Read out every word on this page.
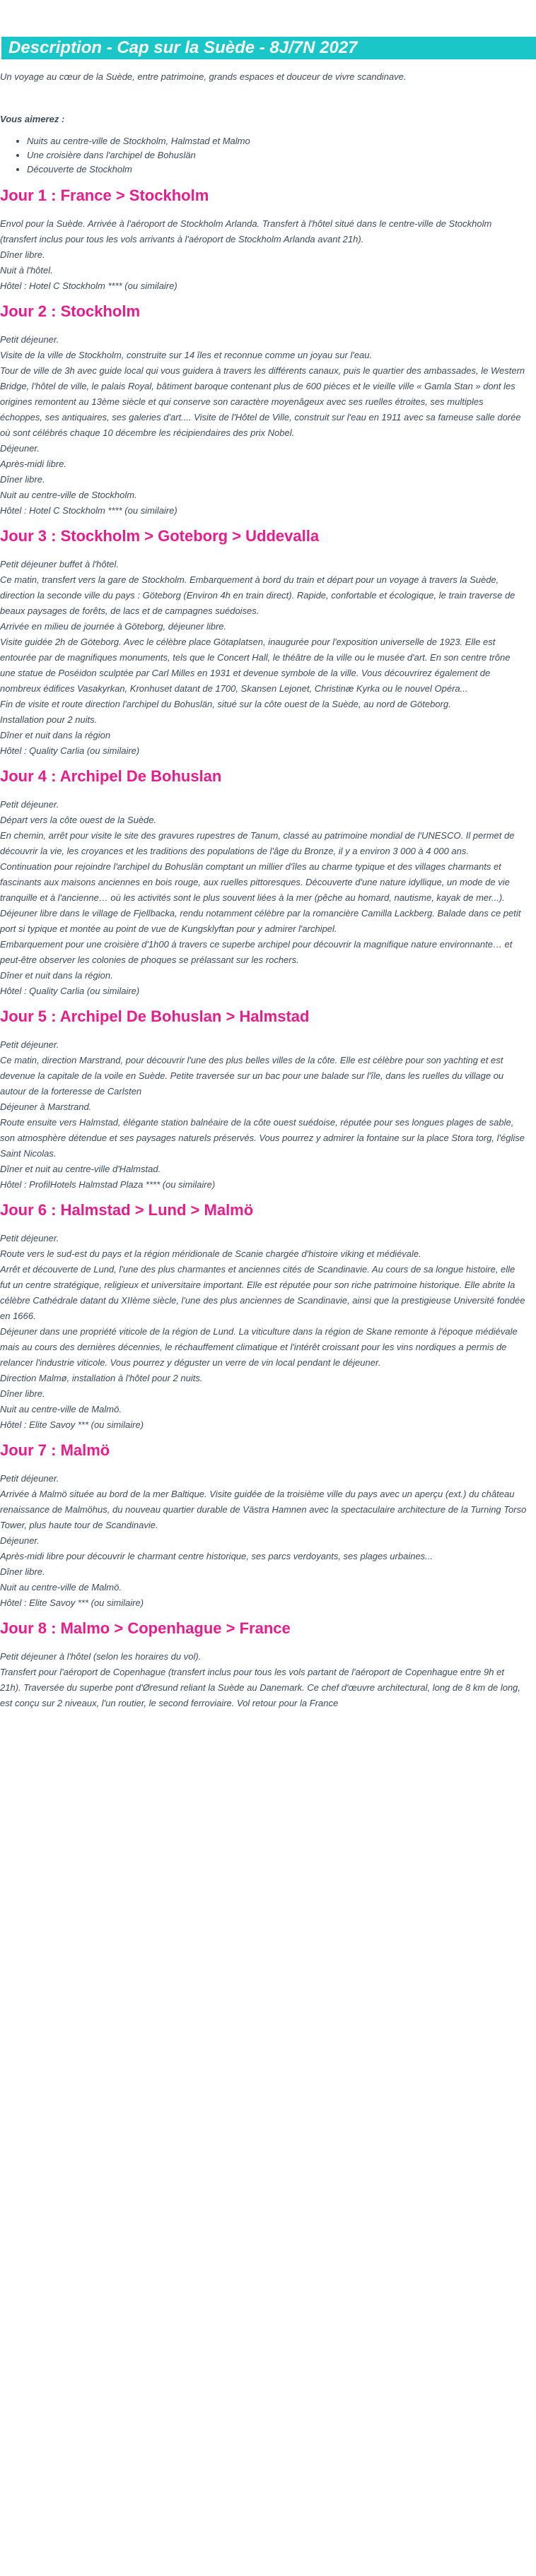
Description - Cap sur la Suède - 8J/7N 2027

Un voyage au cœur de la Suède, entre patrimoine, grands espaces et douceur de vivre scandinave.

Vous aimerez :

• Nuits au centre-ville de Stockholm, Halmstad et Malmo
• Une croisière dans l'archipel de Bohuslän
• Découverte de Stockholm
Jour 1 : France > Stockholm

Envol pour la Suède. Arrivée à l'aéroport de Stockholm Arlanda. Transfert à l'hôtel situé dans le centre-ville de Stockholm (transfert inclus pour tous les vols arrivants à l'aéroport de Stockholm Arlanda avant 21h).

Dîner libre.
Nuit à l'hôtel.
Hôtel : Hotel C Stockholm **** (ou similaire)

Jour 2 : Stockholm

Petit déjeuner.

Visite de la ville de Stockholm, construite sur 14 îles et reconnue comme un joyau sur l'eau.
Tour de ville de 3h avec guide local qui vous guidera à travers les différents canaux, puis le quartier des ambassades, le Western Bridge, l'hôtel de ville, le palais Royal, bâtiment baroque contenant plus de 600 pièces et le vieille ville « Gamla Stan » dont les origines remontent au 13ème siècle et qui conserve son caractère moyenâgeux avec ses ruelles étroites, ses multiples échoppes, ses antiquaires, ses galeries d'art.... Visite de l'Hôtel de Ville, construit sur l'eau en 1911 avec sa fameuse salle dorée où sont célébrés chaque 10 décembre les récipiendaires des prix Nobel.

Déjeuner.
Après-midi libre.

Dîner libre.
Nuit au centre-ville de Stockholm.

Hôtel : Hotel C Stockholm **** (ou similaire)

Jour 3 : Stockholm > Goteborg > Uddevalla

Petit déjeuner buffet à l'hôtel.

Ce matin, transfert vers la gare de Stockholm. Embarquement à bord du train et départ pour un voyage à travers la Suède, direction la seconde ville du pays : Göteborg (Environ 4h en train direct). Rapide, confortable et écologique, le train traverse de beaux paysages de forêts, de lacs et de campagnes suédoises.

Arrivée en milieu de journée à Göteborg, déjeuner libre.

Visite guidée 2h de Göteborg. Avec le célèbre place Götaplatsen, inaugurée pour l'exposition universelle de 1923. Elle est entourée par de magnifiques monuments, tels que le Concert Hall, le théâtre de la ville ou le musée d'art. En son centre trône une statue de Poséidon sculptée par Carl Milles en 1931 et devenue symbole de la ville. Vous découvrirez également de nombreux édifices Vasakyrkan, Kronhuset datant de 1700, Skansen Lejonet, Christinæ Kyrka ou le nouvel Opéra...

Fin de visite et route direction l'archipel du Bohuslän, situé sur la côte ouest de la Suède, au nord de Göteborg.

Installation pour 2 nuits.
Dîner et nuit dans la région
Hôtel : Quality Carlia (ou similaire)

Jour 4 : Archipel De Bohuslan

Petit déjeuner.

Départ vers la côte ouest de la Suède.

En chemin, arrêt pour visite le site des gravures rupestres de Tanum, classé au patrimoine mondial de l'UNESCO. Il permet de découvrir la vie, les croyances et les traditions des populations de l'âge du Bronze, il y a environ 3 000 à 4 000 ans.

Continuation pour rejoindre l'archipel du Bohuslän comptant un millier d'îles au charme typique et des villages charmants et fascinants aux maisons anciennes en bois rouge, aux ruelles pittoresques. Découverte d'une nature idyllique, un mode de vie tranquille et à l'ancienne… où les activités sont le plus souvent liées à la mer (pêche au homard, nautisme, kayak de mer...).

Déjeuner libre dans le village de Fjellbacka, rendu notamment célèbre par la romancière Camilla Lackberg. Balade dans ce petit port si typique et montée au point de vue de Kungsklyftan pour y admirer l'archipel.

Embarquement pour une croisière d'1h00 à travers ce superbe archipel pour découvrir la magnifique nature environnante… et peut-être observer les colonies de phoques se prélassant sur les rochers.

Dîner et nuit dans la région.

Hôtel : Quality Carlia (ou similaire)

Jour 5 : Archipel De Bohuslan > Halmstad

Petit déjeuner.

Ce matin, direction Marstrand, pour découvrir l'une des plus belles villes de la côte. Elle est célèbre pour son yachting et est devenue la capitale de la voile en Suède. Petite traversée sur un bac pour une balade sur l'île, dans les ruelles du village ou autour de la forteresse de Carlsten

Déjeuner à Marstrand.

Route ensuite vers Halmstad, élégante station balnéaire de la côte ouest suédoise, réputée pour ses longues plages de sable, son atmosphère détendue et ses paysages naturels préservés. Vous pourrez y admirer la fontaine sur la place Stora torg, l'église Saint Nicolas.

Dîner et nuit au centre-ville d'Halmstad.

Hôtel : ProfilHotels Halmstad Plaza **** (ou similaire)

Jour 6 : Halmstad > Lund > Malmö

Petit déjeuner.

Route vers le sud-est du pays et la région méridionale de Scanie chargée d'histoire viking et médiévale.

Arrêt et découverte de Lund, l'une des plus charmantes et anciennes cités de Scandinavie. Au cours de sa longue histoire, elle fut un centre stratégique, religieux et universitaire important. Elle est réputée pour son riche patrimoine historique. Elle abrite la célèbre Cathédrale datant du XIIème siècle, l'une des plus anciennes de Scandinavie, ainsi que la prestigieuse Université fondée en 1666.

Déjeuner dans une propriété viticole de la région de Lund. La viticulture dans la région de Skane remonte à l'époque médiévale mais au cours des dernières décennies, le réchauffement climatique et l'intérêt croissant pour les vins nordiques a permis de relancer l'industrie viticole. Vous pourrez y déguster un verre de vin local pendant le déjeuner.

Direction Malmø, installation à l'hôtel pour 2 nuits.

Dîner libre.
Nuit au centre-ville de Malmö.

Hôtel : Elite Savoy *** (ou similaire)

Jour 7 : Malmö

Petit déjeuner.

Arrivée à Malmö située au bord de la mer Baltique. Visite guidée de la troisième ville du pays avec un aperçu (ext.) du château renaissance de Malmöhus, du nouveau quartier durable de Västra Hamnen avec la spectaculaire architecture de la Turning Torso Tower, plus haute tour de Scandinavie.

Déjeuner.
Après-midi libre pour découvrir le charmant centre historique, ses parcs verdoyants, ses plages urbaines...
Dîner libre.

Nuit au centre-ville de Malmö.

Hôtel : Elite Savoy *** (ou similaire)

Jour 8 : Malmo > Copenhague > France

Petit déjeuner à l'hôtel (selon les horaires du vol).

Transfert pour l'aéroport de Copenhague (transfert inclus pour tous les vols partant de l'aéroport de Copenhague entre 9h et 21h). Traversée du superbe pont d'Øresund reliant la Suède au Danemark. Ce chef d'œuvre architectural, long de 8 km de long, est conçu sur 2 niveaux, l'un routier, le second ferroviaire. Vol retour pour la France
